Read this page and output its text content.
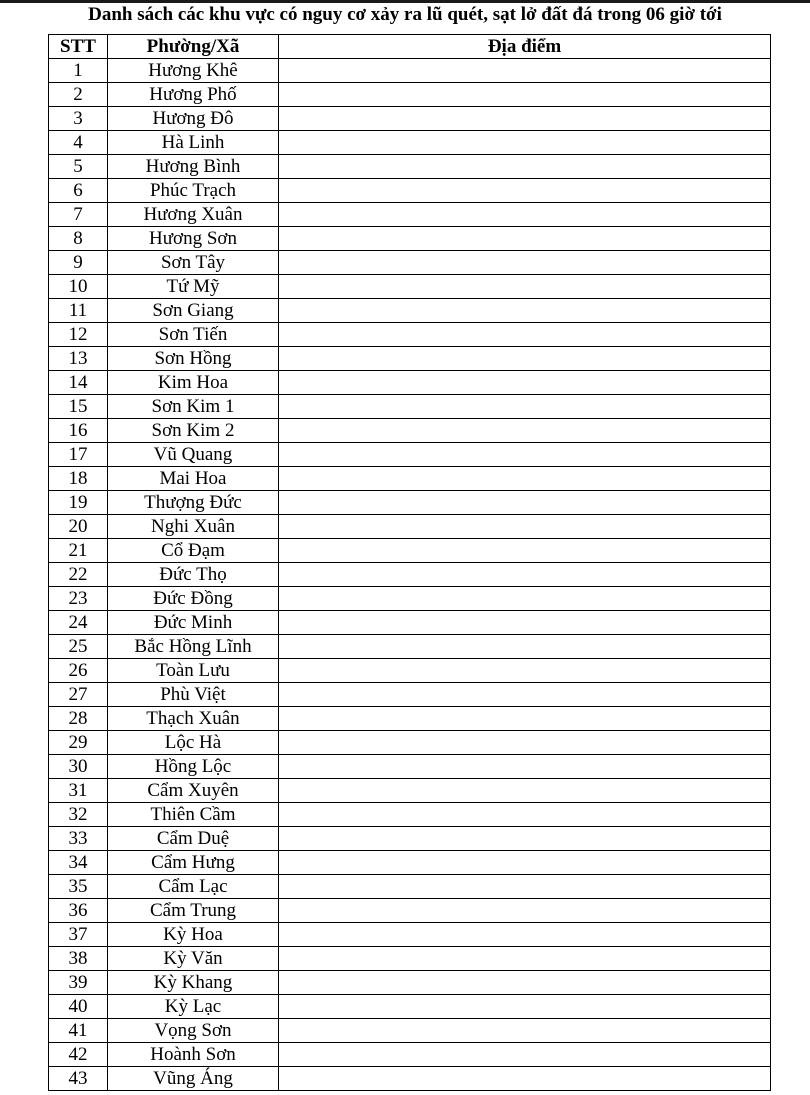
Danh sách các khu vực có nguy cơ xảy ra lũ quét, sạt lở đất đá trong 06 giờ tới
STT	Phường/Xã	Địa điểm
1	Hương Khê	
2	Hương Phố	
3	Hương Đô	
4	Hà Linh	
5	Hương Bình	
6	Phúc Trạch	
7	Hương Xuân	
8	Hương Sơn	
9	Sơn Tây	
10	Tứ Mỹ	
11	Sơn Giang	
12	Sơn Tiến	
13	Sơn Hồng	
14	Kim Hoa	
15	Sơn Kim 1	
16	Sơn Kim 2	
17	Vũ Quang	
18	Mai Hoa	
19	Thượng Đức	
20	Nghi Xuân	
21	Cổ Đạm	
22	Đức Thọ	
23	Đức Đồng	
24	Đức Minh	
25	Bắc Hồng Lĩnh	
26	Toàn Lưu	
27	Phù Việt	
28	Thạch Xuân	
29	Lộc Hà	
30	Hồng Lộc	
31	Cẩm Xuyên	
32	Thiên Cầm	
33	Cẩm Duệ	
34	Cẩm Hưng	
35	Cẩm Lạc	
36	Cẩm Trung	
37	Kỳ Hoa	
38	Kỳ Văn	
39	Kỳ Khang	
40	Kỳ Lạc	
41	Vọng Sơn	
42	Hoành Sơn	
43	Vũng Áng	
